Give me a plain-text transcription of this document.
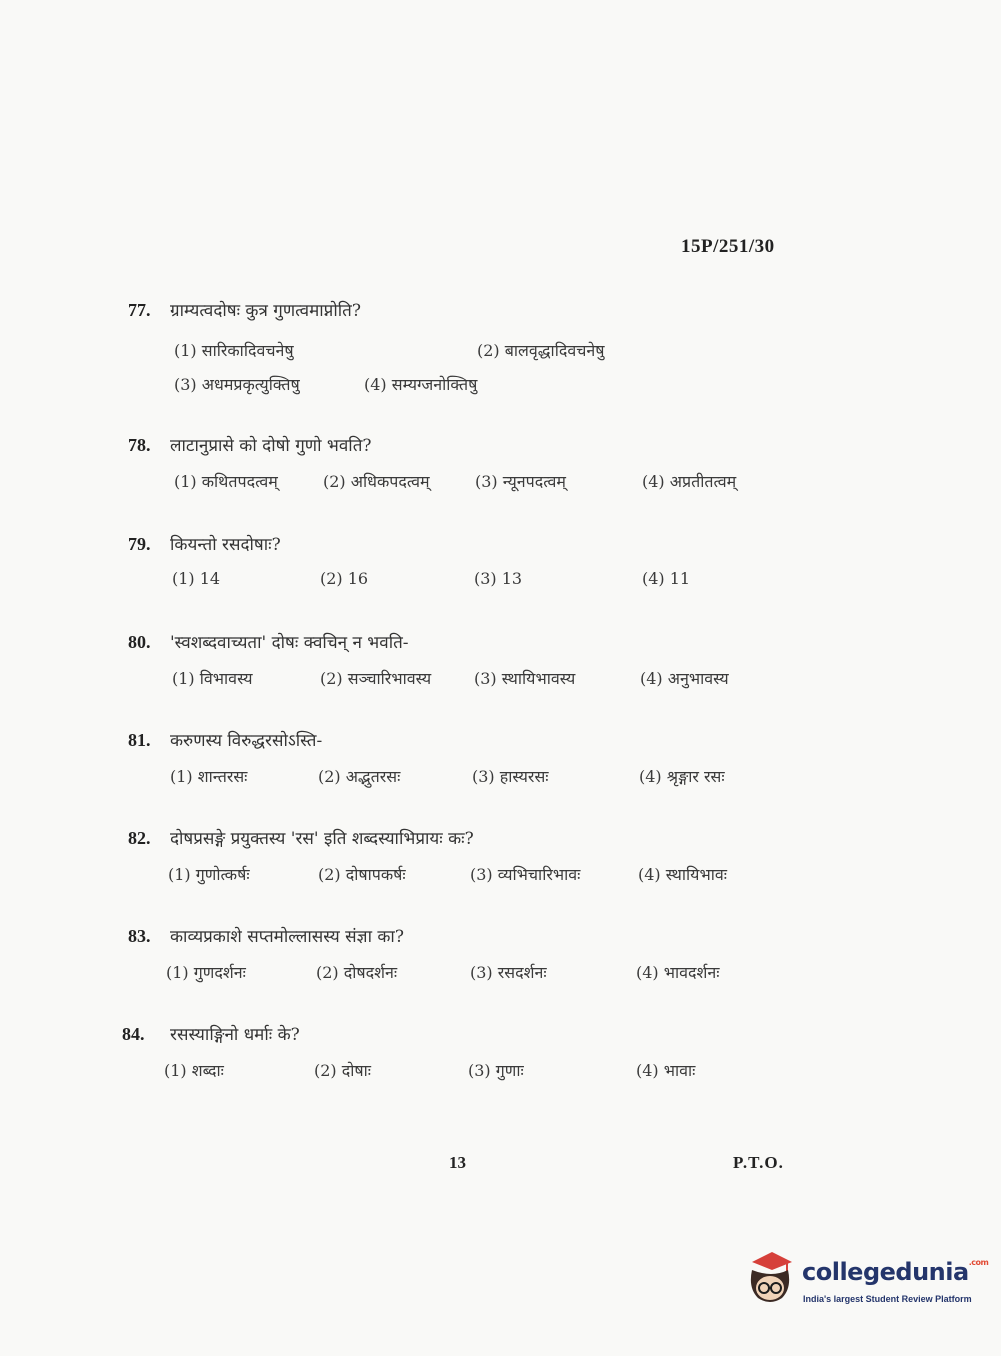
15P/251/30
77.	ग्राम्यत्वदोषः कुत्र गुणत्वमाप्नोति?
(1) सारिकादिवचनेषु	(2) बालवृद्धादिवचनेषु
(3) अधमप्रकृत्युक्तिषु	(4) सम्यग्जनोक्तिषु
78.	लाटानुप्रासे को दोषो गुणो भवति?
(1) कथितपदत्वम्	(2) अधिकपदत्वम्	(3) न्यूनपदत्वम्	(4) अप्रतीतत्वम्
79.	कियन्तो रसदोषाः?
(1) 14	(2) 16	(3) 13	(4) 11
80.	'स्वशब्दवाच्यता' दोषः क्वचिन् न भवति-
(1) विभावस्य	(2) सञ्चारिभावस्य	(3) स्थायिभावस्य	(4) अनुभावस्य
81.	करुणस्य विरुद्धरसोऽस्ति-
(1) शान्तरसः	(2) अद्भुतरसः	(3) हास्यरसः	(4) श्रृङ्गार रसः
82.	दोषप्रसङ्गे प्रयुक्तस्य 'रस' इति शब्दस्याभिप्रायः कः?
(1) गुणोत्कर्षः	(2) दोषापकर्षः	(3) व्यभिचारिभावः	(4) स्थायिभावः
83.	काव्यप्रकाशे सप्तमोल्लासस्य संज्ञा का?
(1) गुणदर्शनः	(2) दोषदर्शनः	(3) रसदर्शनः	(4) भावदर्शनः
84.	रसस्याङ्गिनो धर्माः के?
(1) शब्दाः	(2) दोषाः	(3) गुणाः	(4) भावाः
13	P.T.O.
collegedunia$^{.com}$
India's largest Student Review Platform
